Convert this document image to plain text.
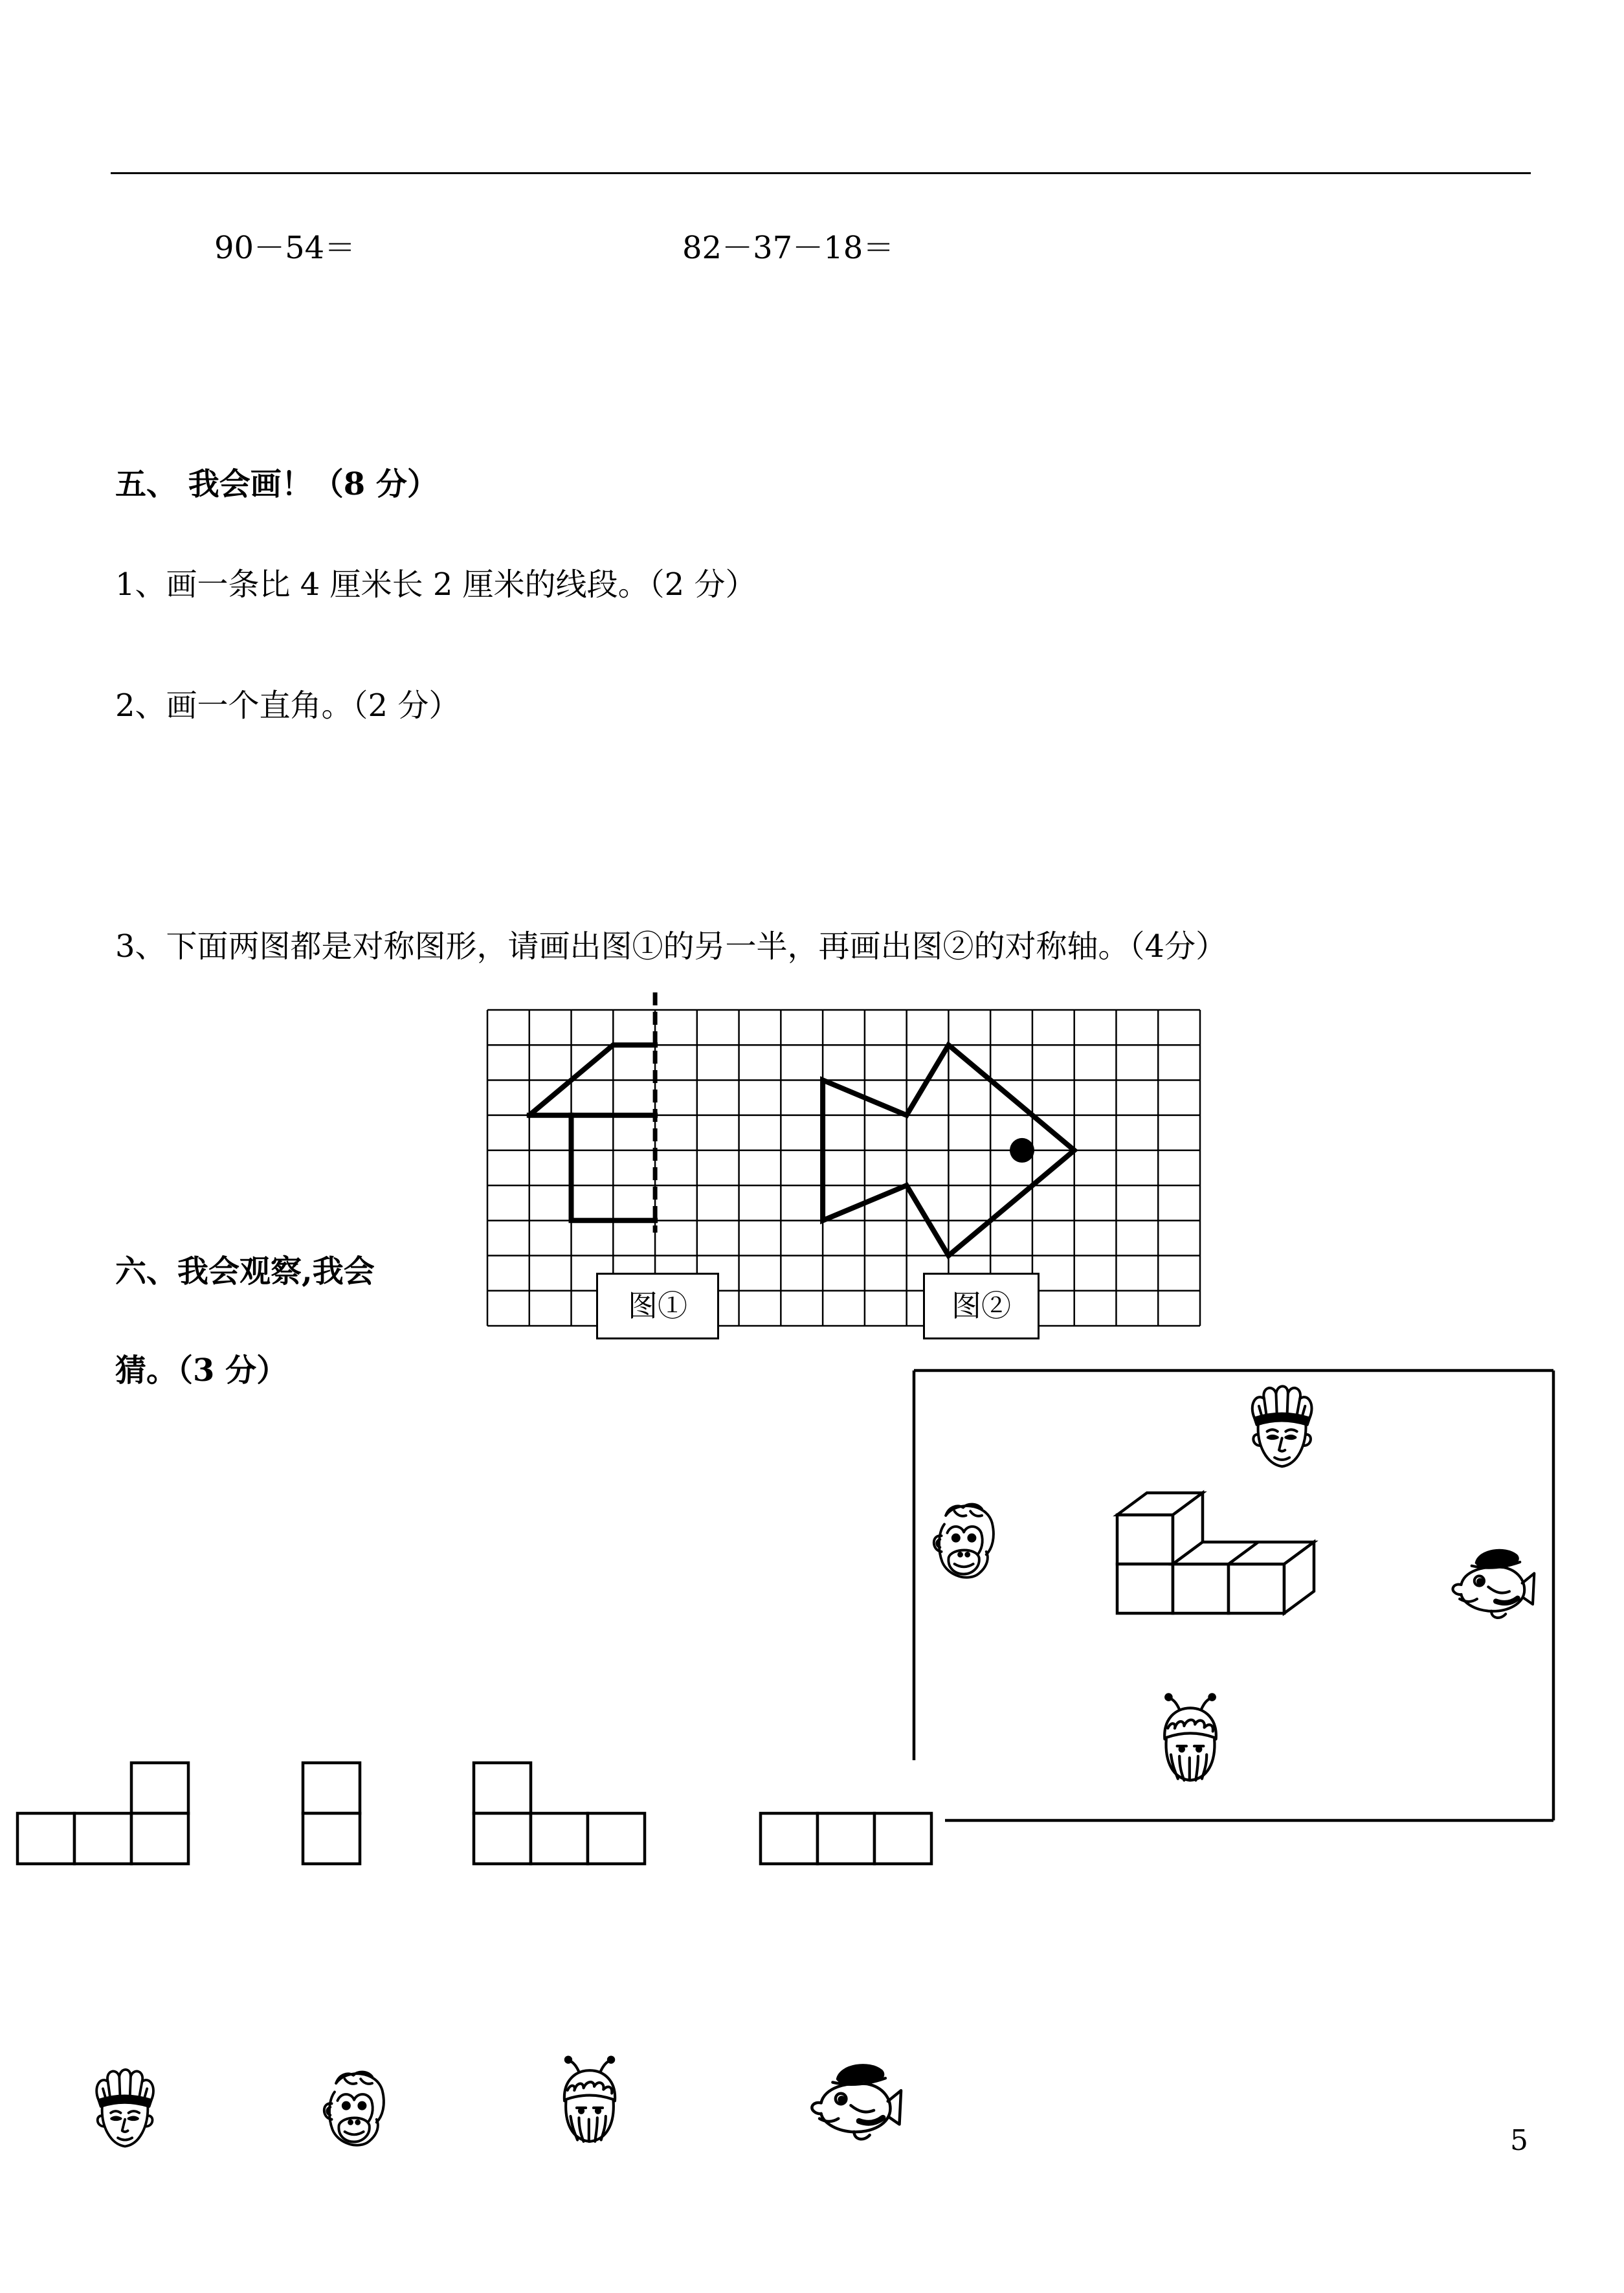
90－54＝	82－37－18＝
五、 我会画！（8 分）
1、画一条比 4 厘米长 2 厘米的线段。（2 分）
2、画一个直角。（2 分）
3、下面两图都是对称图形，请画出图①的另一半，再画出图②的对称轴。（4分）
图①	图②
六、我会观察,我会
猜。（3 分）
5
